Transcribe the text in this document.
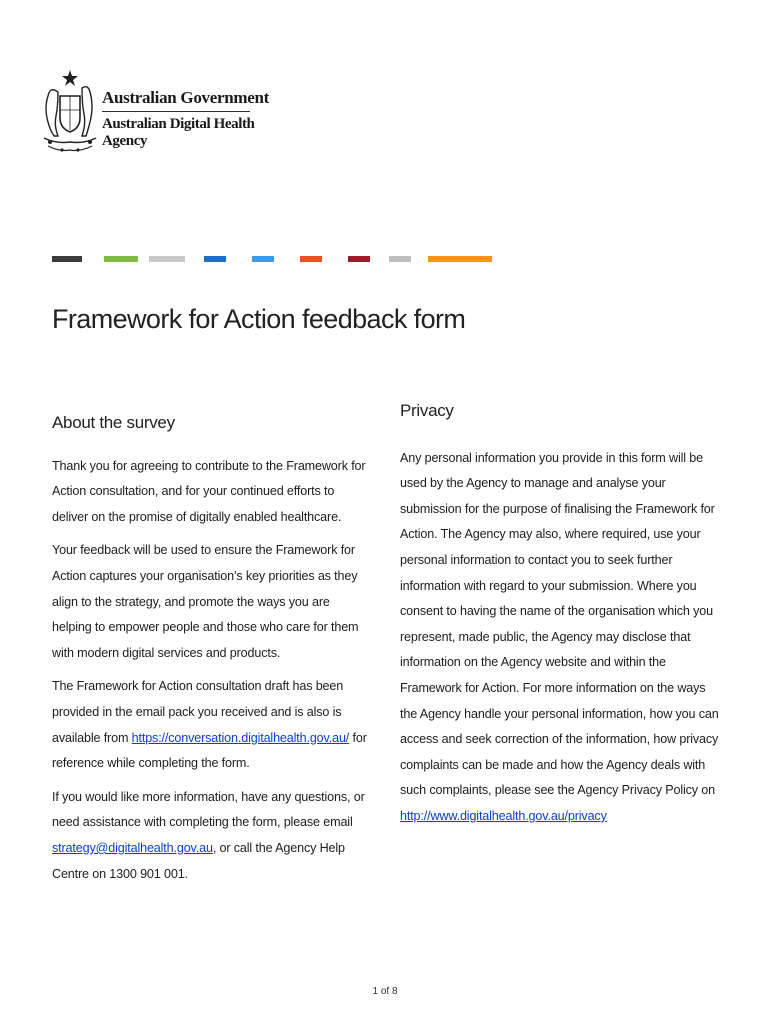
Australian Government
Australian Digital Health Agency
Framework for Action feedback form
About the survey

Thank you for agreeing to contribute to the Framework for Action consultation, and for your continued efforts to deliver on the promise of digitally enabled healthcare.

Your feedback will be used to ensure the Framework for Action captures your organisation’s key priorities as they align to the strategy, and promote the ways you are helping to empower people and those who care for them with modern digital services and products.

The Framework for Action consultation draft has been provided in the email pack you received and is also is available from https://conversation.digitalhealth.gov.au/ for reference while completing the form.

If you would like more information, have any questions, or need assistance with completing the form, please email strategy@digitalhealth.gov.au, or call the Agency Help Centre on 1300 901 001.

Privacy

Any personal information you provide in this form will be used by the Agency to manage and analyse your submission for the purpose of finalising the Framework for Action. The Agency may also, where required, use your personal information to contact you to seek further information with regard to your submission. Where you consent to having the name of the organisation which you represent, made public, the Agency may disclose that information on the Agency website and within the Framework for Action. For more information on the ways the Agency handle your personal information, how you can access and seek correction of the information, how privacy complaints can be made and how the Agency deals with such complaints, please see the Agency Privacy Policy on
http://www.digitalhealth.gov.au/privacy

1 of 8
